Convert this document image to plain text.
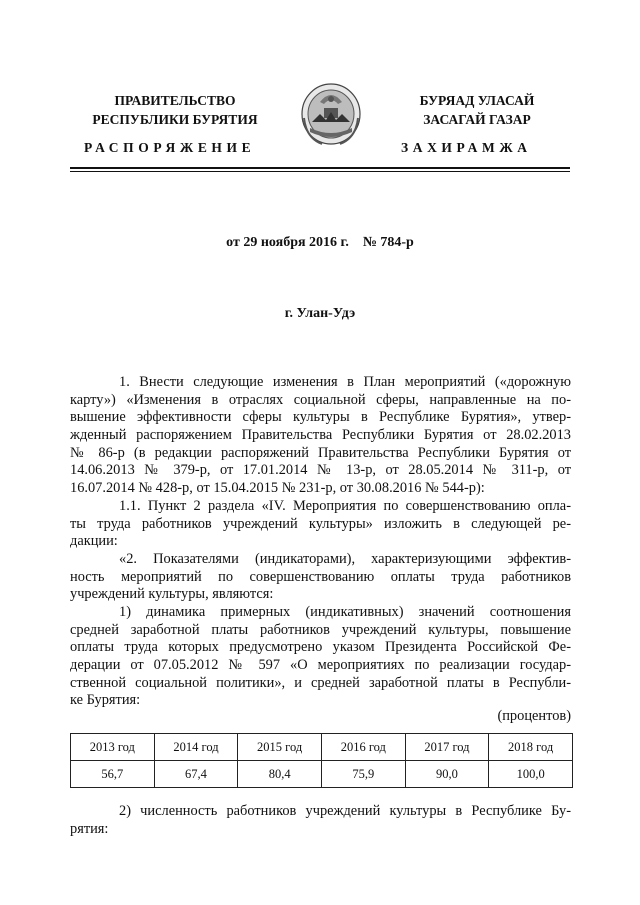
ПРАВИТЕЛЬСТВО
РЕСПУБЛИКИ БУРЯТИЯ
БУРЯАД УЛАСАЙ
ЗАСАГАЙ ГАЗАР
РАСПОРЯЖЕНИЕ	ЗАХИРАМЖА
от 29 ноября 2016 г.    № 784-р
г. Улан-Удэ
1. Внести следующие изменения в План мероприятий («дорожную
карту») «Изменения в отраслях социальной сферы, направленные на по-
вышение эффективности сферы культуры в Республике Бурятия», утвер-
жденный распоряжением Правительства Республики Бурятия от 28.02.2013
№ 86-р (в редакции распоряжений Правительства Республики Бурятия от
14.06.2013 № 379-р, от 17.01.2014 № 13-р, от 28.05.2014 № 311-р, от
16.07.2014 № 428-р, от 15.04.2015 № 231-р, от 30.08.2016 № 544-р):
1.1. Пункт 2 раздела «IV. Мероприятия по совершенствованию опла-
ты труда работников учреждений культуры» изложить в следующей ре-
дакции:
«2. Показателями (индикаторами), характеризующими эффектив-
ность мероприятий по совершенствованию оплаты труда работников
учреждений культуры, являются:
1) динамика примерных (индикативных) значений соотношения
средней заработной платы работников учреждений культуры, повышение
оплаты труда которых предусмотрено указом Президента Российской Фе-
дерации от 07.05.2012 № 597 «О мероприятиях по реализации государ-
ственной социальной политики», и средней заработной платы в Республи-
ке Бурятия:
(процентов)
2013 год	2014 год	2015 год	2016 год	2017 год	2018 год
56,7	67,4	80,4	75,9	90,0	100,0
2) численность работников учреждений культуры в Республике Бу-
рятия:
